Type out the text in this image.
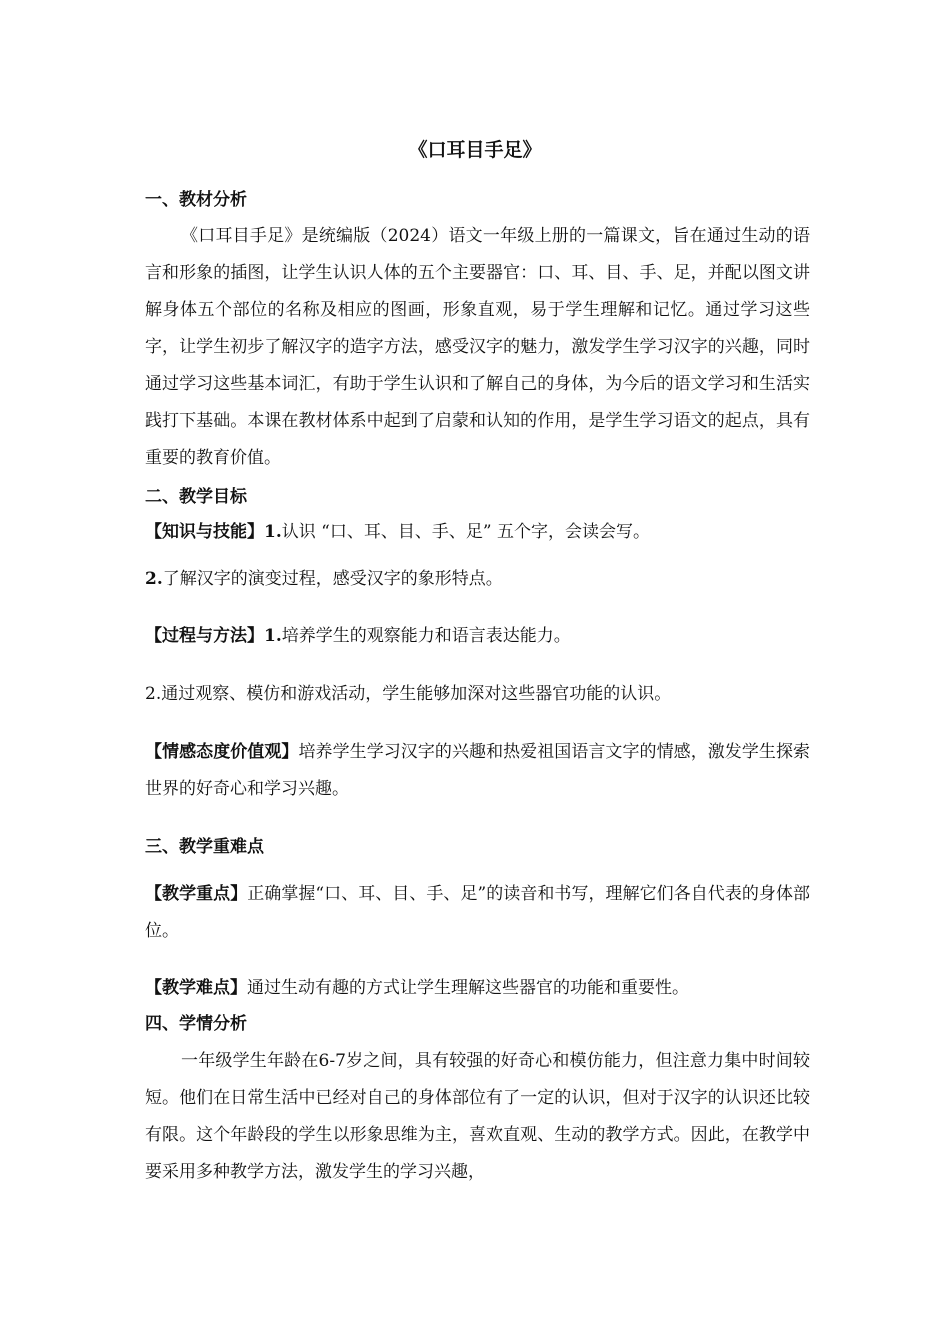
《口耳目手足》
一、教材分析
《口耳目手足》是统编版（2024）语文一年级上册的一篇课文，旨在通过生动的语言和形象的插图，让学生认识人体的五个主要器官：口、耳、目、手、足，并配以图文讲解身体五个部位的名称及相应的图画，形象直观，易于学生理解和记忆。通过学习这些字，让学生初步了解汉字的造字方法，感受汉字的魅力，激发学生学习汉字的兴趣，同时通过学习这些基本词汇，有助于学生认识和了解自己的身体，为今后的语文学习和生活实践打下基础。本课在教材体系中起到了启蒙和认知的作用，是学生学习语文的起点，具有重要的教育价值。
二、教学目标
【知识与技能】1.认识 “口、耳、目、手、足” 五个字，会读会写。
2.了解汉字的演变过程，感受汉字的象形特点。
【过程与方法】1.培养学生的观察能力和语言表达能力。
2.通过观察、模仿和游戏活动，学生能够加深对这些器官功能的认识。
【情感态度价值观】培养学生学习汉字的兴趣和热爱祖国语言文字的情感，激发学生探索世界的好奇心和学习兴趣。
三、教学重难点
【教学重点】正确掌握“口、耳、目、手、足”的读音和书写，理解它们各自代表的身体部位。
【教学难点】通过生动有趣的方式让学生理解这些器官的功能和重要性。
四、学情分析
一年级学生年龄在6-7岁之间，具有较强的好奇心和模仿能力，但注意力集中时间较短。他们在日常生活中已经对自己的身体部位有了一定的认识，但对于汉字的认识还比较有限。这个年龄段的学生以形象思维为主，喜欢直观、生动的教学方式。因此，在教学中要采用多种教学方法，激发学生的学习兴趣，
